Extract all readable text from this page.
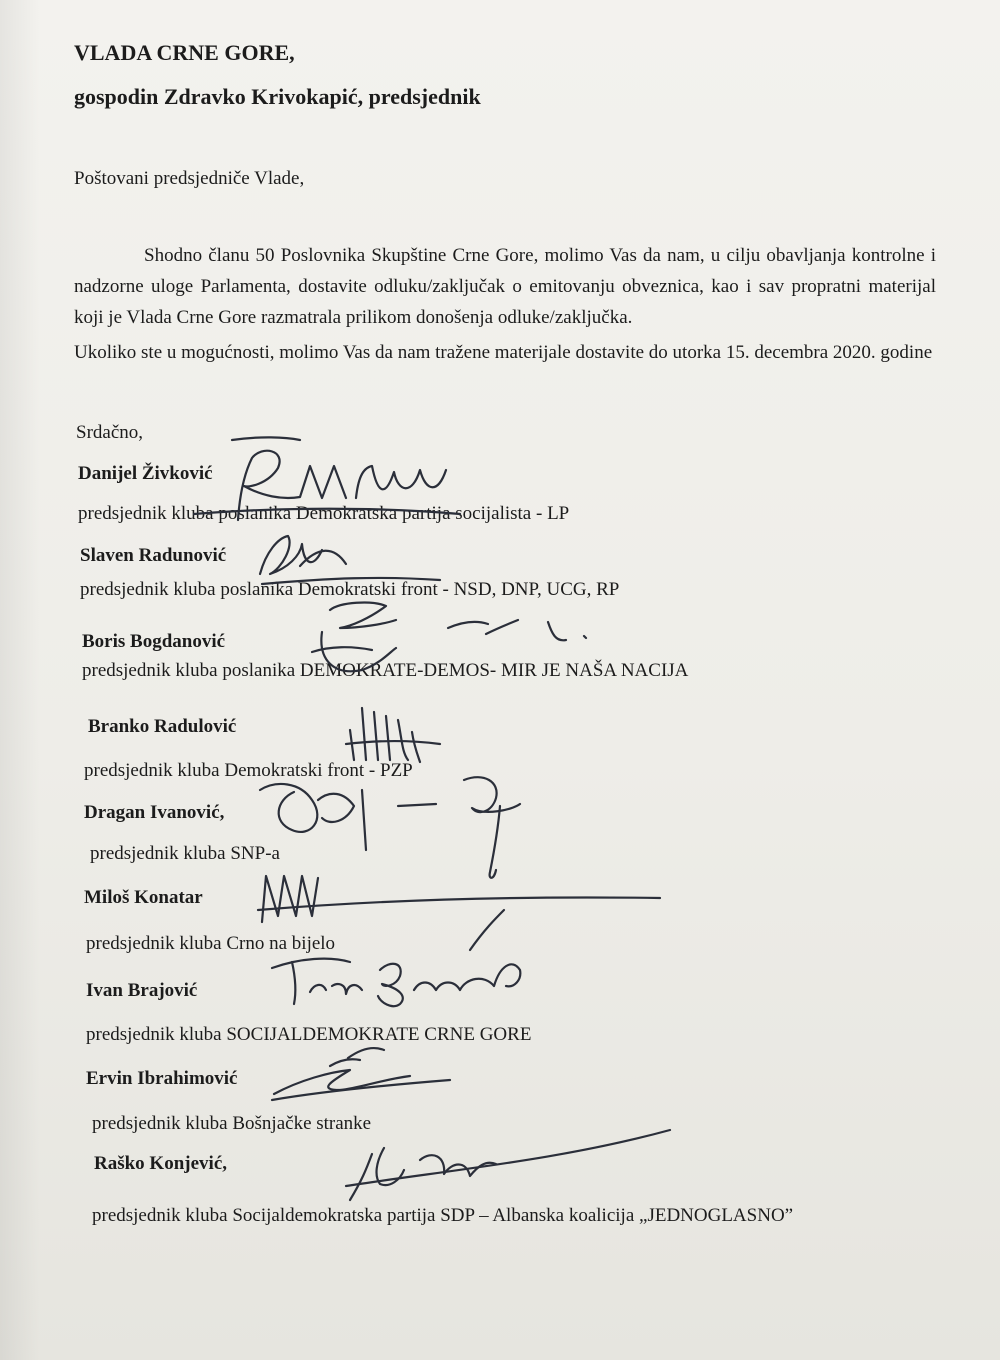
VLADA CRNE GORE,
gospodin Zdravko Krivokapić, predsjednik
Poštovani predsjedniče Vlade,
Shodno članu 50 Poslovnika Skupštine Crne Gore, molimo Vas da nam, u cilju obavljanja kontrolne i nadzorne uloge Parlamenta, dostavite odluku/zaključak o emitovanju obveznica, kao i sav propratni materijal koji je Vlada Crne Gore razmatrala prilikom donošenja odluke/zaključka.
Ukoliko ste u mogućnosti, molimo Vas da nam tražene materijale dostavite do utorka 15. decembra 2020. godine
Srdačno,
Danijel Živković
predsjednik kluba poslanika Demokratska partija socijalista - LP
Slaven Radunović
predsjednik kluba poslanika Demokratski front - NSD, DNP, UCG, RP
Boris Bogdanović
predsjednik kluba poslanika DEMOKRATE-DEMOS- MIR JE NAŠA NACIJA
Branko Radulović
predsjednik kluba Demokratski front - PZP
Dragan Ivanović,
predsjednik kluba SNP-a
Miloš Konatar
predsjednik kluba Crno na bijelo
Ivan Brajović
predsjednik kluba SOCIJALDEMOKRATE CRNE GORE
Ervin Ibrahimović
predsjednik kluba Bošnjačke stranke
Raško Konjević,
predsjednik kluba Socijaldemokratska partija SDP – Albanska koalicija „JEDNOGLASNO”
